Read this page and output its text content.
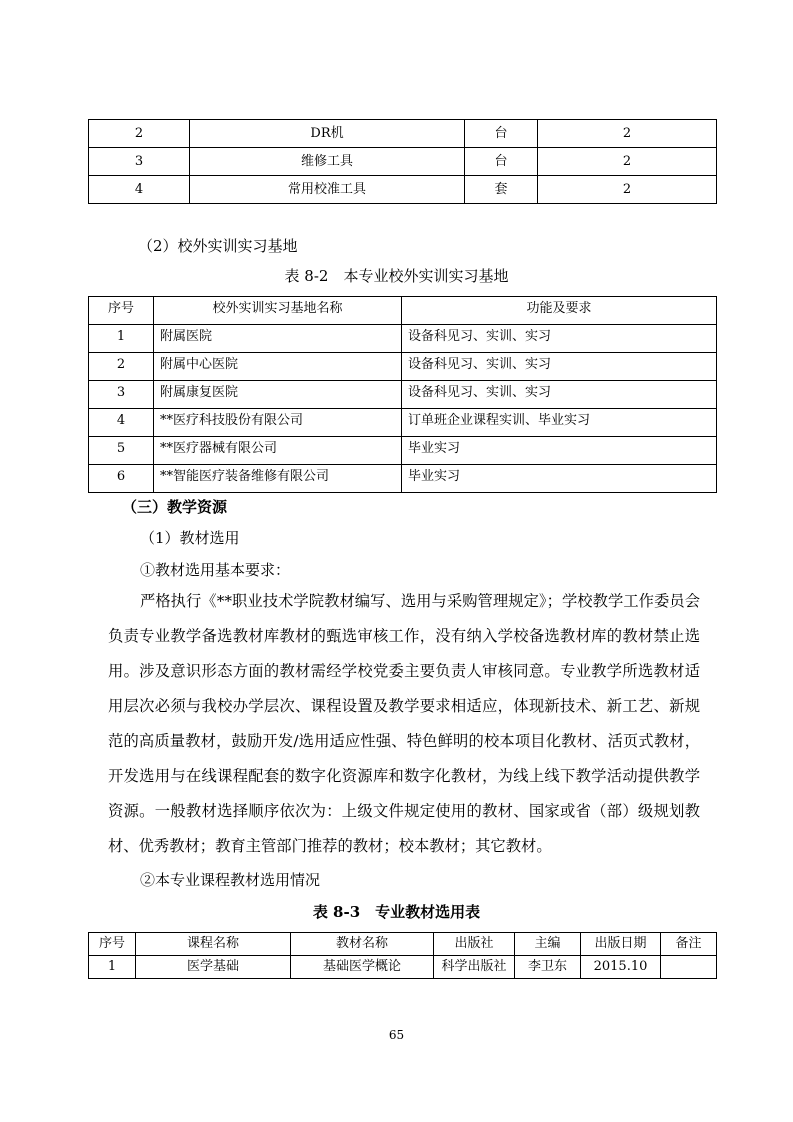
2	DR机	台	2
3	维修工具	台	2
4	常用校准工具	套	2
（2）校外实训实习基地
表 8-2　本专业校外实训实习基地
序号	校外实训实习基地名称	功能及要求
1	附属医院	设备科见习、实训、实习
2	附属中心医院	设备科见习、实训、实习
3	附属康复医院	设备科见习、实训、实习
4	**医疗科技股份有限公司	订单班企业课程实训、毕业实习
5	**医疗器械有限公司	毕业实习
6	**智能医疗装备维修有限公司	毕业实习
（三）教学资源
（1）教材选用
①教材选用基本要求：
严格执行《**职业技术学院教材编写、选用与采购管理规定》；学校教学工作委员会负责专业教学备选教材库教材的甄选审核工作，没有纳入学校备选教材库的教材禁止选用。涉及意识形态方面的教材需经学校党委主要负责人审核同意。专业教学所选教材适用层次必须与我校办学层次、课程设置及教学要求相适应，体现新技术、新工艺、新规范的高质量教材，鼓励开发/选用适应性强、特色鲜明的校本项目化教材、活页式教材，开发选用与在线课程配套的数字化资源库和数字化教材，为线上线下教学活动提供教学资源。一般教材选择顺序依次为：上级文件规定使用的教材、国家或省（部）级规划教材、优秀教材；教育主管部门推荐的教材；校本教材；其它教材。
②本专业课程教材选用情况
表 8-3　专业教材选用表
序号	课程名称	教材名称	出版社	主编	出版日期	备注
1	医学基础	基础医学概论	科学出版社	李卫东	2015.10	
65
